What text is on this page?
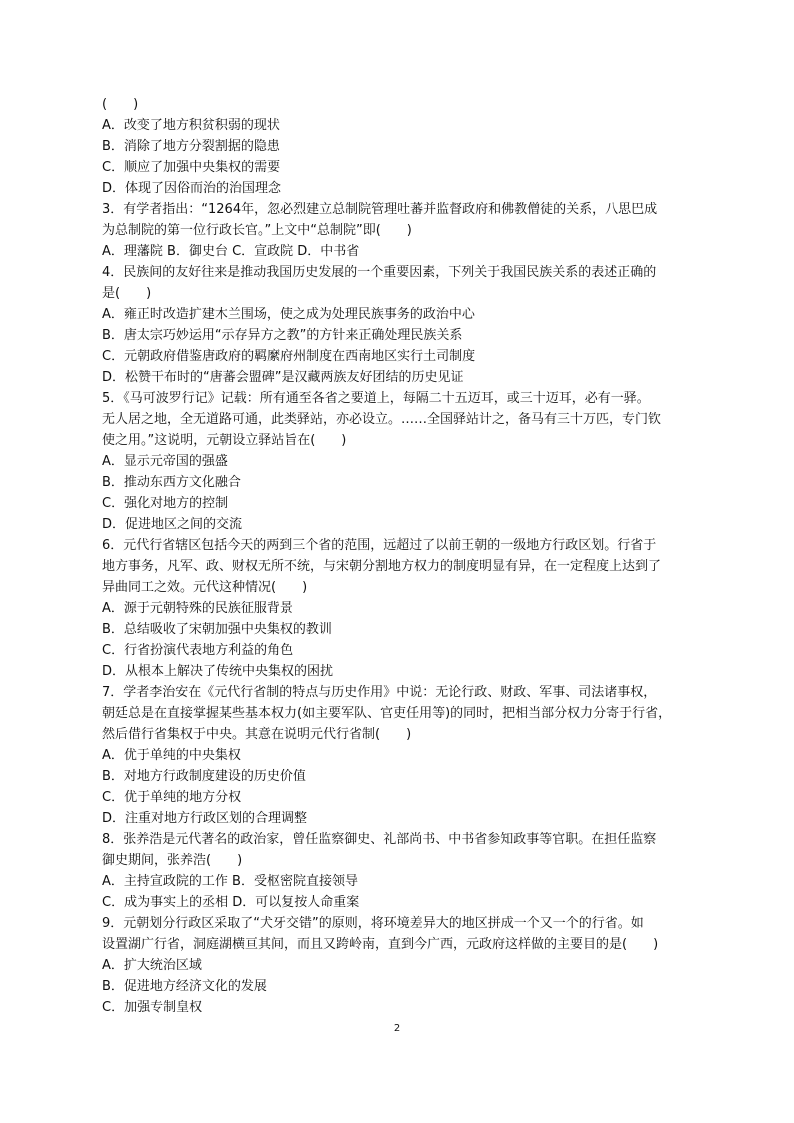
(　　)
A．改变了地方积贫积弱的现状
B．消除了地方分裂割据的隐患
C．顺应了加强中央集权的需要
D．体现了因俗而治的治国理念
3．有学者指出：“1264年，忽必烈建立总制院管理吐蕃并监督政府和佛教僧徒的关系，八思巴成
为总制院的第一位行政长官。”上文中“总制院”即(　　)
A．理藩院 B．御史台 C．宣政院 D．中书省
4．民族间的友好往来是推动我国历史发展的一个重要因素，下列关于我国民族关系的表述正确的
是(　　)
A．雍正时改造扩建木兰围场，使之成为处理民族事务的政治中心
B．唐太宗巧妙运用“示存异方之教”的方针来正确处理民族关系
C．元朝政府借鉴唐政府的羁縻府州制度在西南地区实行土司制度
D．松赞干布时的“唐蕃会盟碑”是汉藏两族友好团结的历史见证
5．《马可波罗行记》记载：所有通至各省之要道上，每隔二十五迈耳，或三十迈耳，必有一驿。
无人居之地，全无道路可通，此类驿站，亦必设立。……全国驿站计之，备马有三十万匹，专门钦
使之用。”这说明，元朝设立驿站旨在(　　)
A．显示元帝国的强盛
B．推动东西方文化融合
C．强化对地方的控制
D．促进地区之间的交流
6．元代行省辖区包括今天的两到三个省的范围，远超过了以前王朝的一级地方行政区划。行省于
地方事务，凡军、政、财权无所不统，与宋朝分割地方权力的制度明显有异，在一定程度上达到了
异曲同工之效。元代这种情况(　　)
A．源于元朝特殊的民族征服背景
B．总结吸收了宋朝加强中央集权的教训
C．行省扮演代表地方利益的角色
D．从根本上解决了传统中央集权的困扰
7．学者李治安在《元代行省制的特点与历史作用》中说：无论行政、财政、军事、司法诸事权，
朝廷总是在直接掌握某些基本权力(如主要军队、官吏任用等)的同时，把相当部分权力分寄于行省，
然后借行省集权于中央。其意在说明元代行省制(　　)
A．优于单纯的中央集权
B．对地方行政制度建设的历史价值
C．优于单纯的地方分权
D．注重对地方行政区划的合理调整
8．张养浩是元代著名的政治家，曾任监察御史、礼部尚书、中书省参知政事等官职。在担任监察
御史期间，张养浩(　　)
A．主持宣政院的工作 B．受枢密院直接领导
C．成为事实上的丞相 D．可以复按人命重案
9．元朝划分行政区采取了“犬牙交错”的原则，将环境差异大的地区拼成一个又一个的行省。如
设置湖广行省，洞庭湖横亘其间，而且又跨岭南，直到今广西，元政府这样做的主要目的是(　　)
A．扩大统治区域
B．促进地方经济文化的发展
C．加强专制皇权
2
